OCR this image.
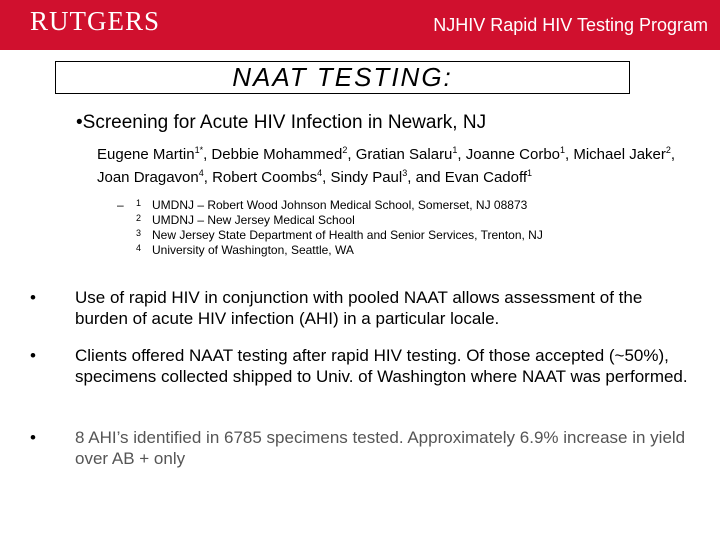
RUTGERS	NJHIV Rapid HIV Testing Program
NAAT TESTING:
•Screening for Acute HIV Infection in Newark, NJ
Eugene Martin$^{1*}$, Debbie Mohammed$^2$, Gratian Salaru$^1$, Joanne Corbo$^1$, Michael Jaker$^2$, Joan Dragavon$^4$, Robert Coombs$^4$, Sindy Paul$^3$, and Evan Cadoff$^1$
– 1 UMDNJ – Robert Wood Johnson Medical School, Somerset, NJ 08873
2 UMDNJ – New Jersey Medical School
3 New Jersey State Department of Health and Senior Services, Trenton, NJ
4 University of Washington, Seattle, WA
• Use of rapid HIV in conjunction with pooled NAAT allows assessment of the burden of acute HIV infection (AHI) in a particular locale.
• Clients offered NAAT testing after rapid HIV testing. Of those accepted (~50%), specimens collected shipped to Univ. of Washington where NAAT was performed.
• 8 AHI’s identified in 6785 specimens tested. Approximately 6.9% increase in yield over AB + only
